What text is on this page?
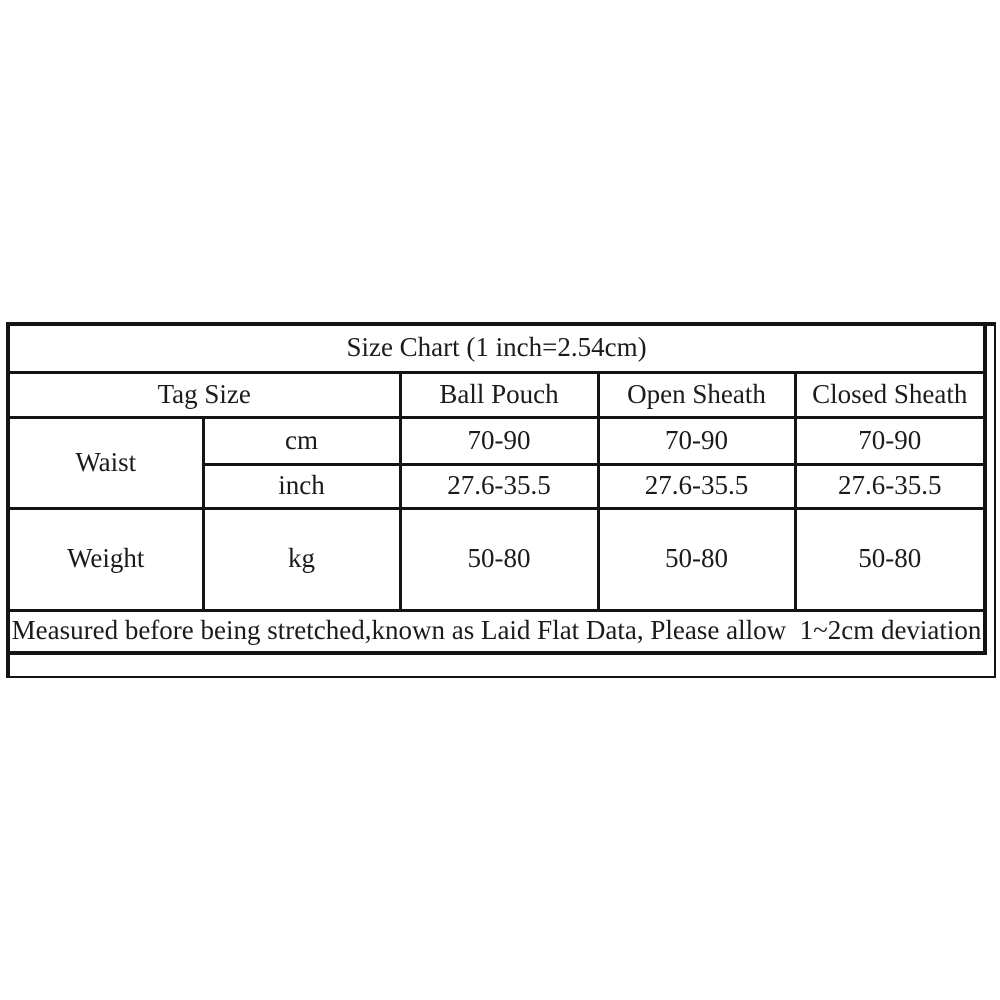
Size Chart (1 inch=2.54cm)				
Tag Size		Ball Pouch	Open Sheath	Closed Sheath
Waist	cm	70-90	70-90	70-90
	inch	27.6-35.5	27.6-35.5	27.6-35.5
Weight	kg	50-80	50-80	50-80
Measured before being stretched,known as Laid Flat Data, Please allow  1~2cm deviation				
